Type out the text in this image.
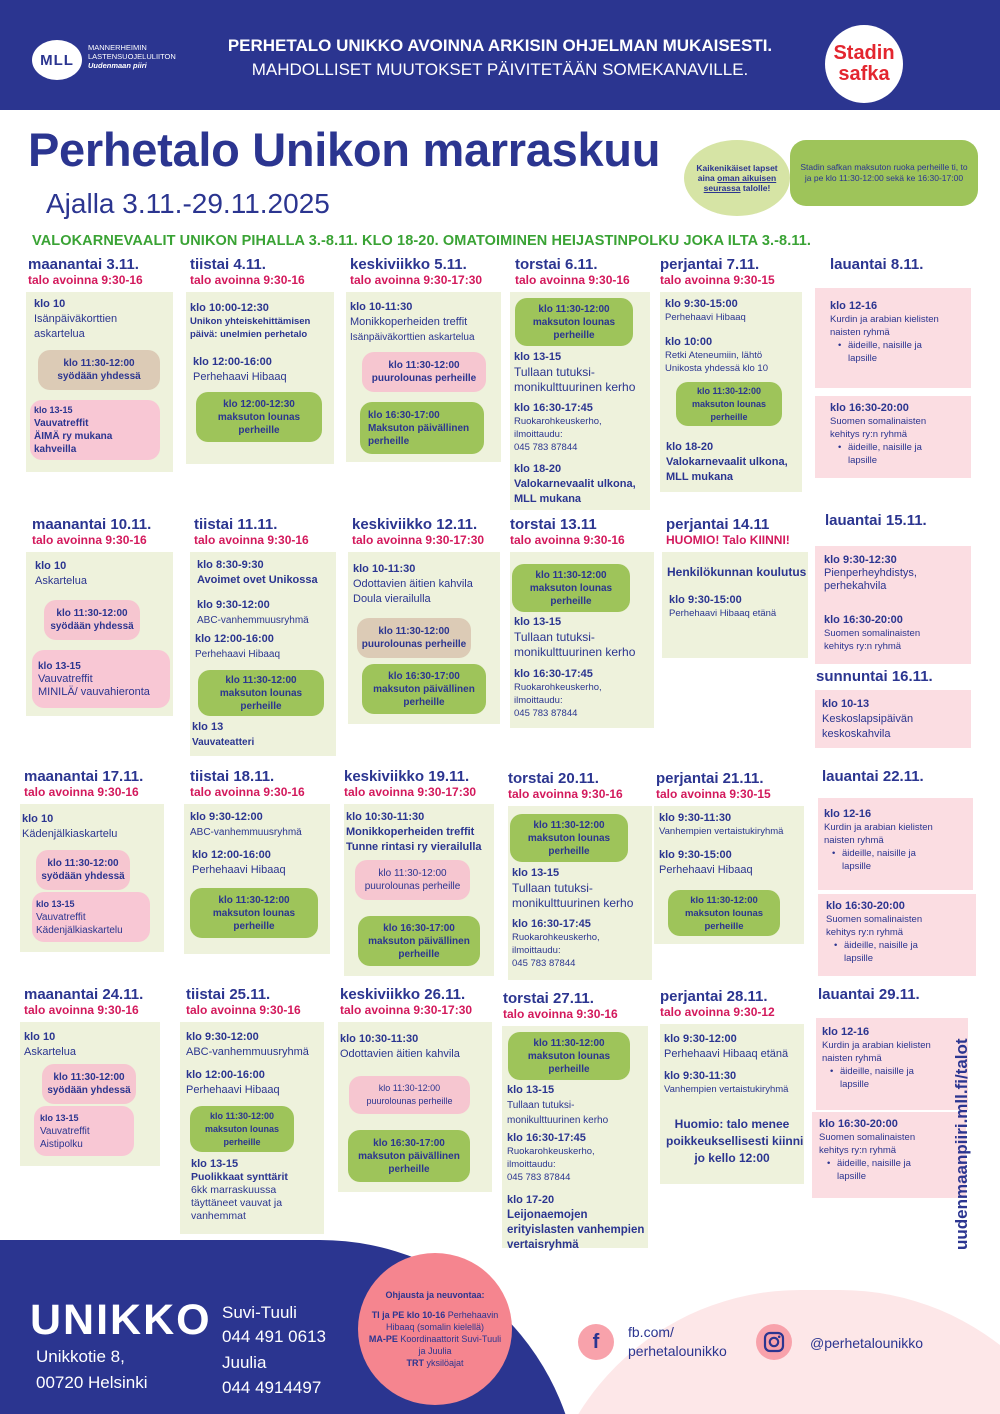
MLL
MANNERHEIMIN
LASTENSUOJELULIITON
Uudenmaan piiri
PERHETALO UNIKKO AVOINNA ARKISIN OHJELMAN MUKAISESTI.
MAHDOLLISET MUUTOKSET PÄIVITETÄÄN SOMEKANAVILLE.
Stadin
safka
Perhetalo Unikon marraskuu
Ajalla 3.11.-29.11.2025
Kaikenikäiset lapset aina oman aikuisen seurassa talolle!
Stadin safkan maksuton ruoka perheille ti, to ja pe klo 11:30-12:00 sekä ke 16:30-17:00
VALOKARNEVAALIT UNIKON PIHALLA 3.-8.11. KLO 18-20. OMATOIMINEN HEIJASTINPOLKU JOKA ILTA 3.-8.11.
maanantai 3.11.
talo avoinna 9:30-16
klo 10
Isänpäiväkorttien
askartelua
klo 11:30-12:00
syödään yhdessä
klo 13-15
Vauvatreffit
ÄIMÄ ry mukana
kahveilla
tiistai 4.11.
talo avoinna 9:30-16
klo 10:00-12:30
Unikon yhteiskehittämisen
päivä: unelmien perhetalo
klo 12:00-16:00
Perhehaavi Hibaaq
klo 12:00-12:30
maksuton lounas
perheille
keskiviikko 5.11.
talo avoinna 9:30-17:30
klo 10-11:30
Monikkoperheiden treffit
Isänpäiväkorttien askartelua
klo 11:30-12:00
puurolounas perheille
klo 16:30-17:00
Maksuton päivällinen
perheille
torstai 6.11.
talo avoinna 9:30-16
klo 11:30-12:00
maksuton lounas
perheille
klo 13-15
Tullaan tutuksi-
monikulttuurinen kerho
klo 16:30-17:45
Ruokarohkeuskerho,
ilmoittaudu:
045 783 87844
klo 18-20
Valokarnevaalit ulkona,
MLL mukana
perjantai 7.11.
talo avoinna 9:30-15
klo 9:30-15:00
Perhehaavi Hibaaq
klo 10:00
Retki Ateneumiin, lähtö
Unikosta yhdessä klo 10
klo 11:30-12:00
maksuton lounas
perheille
klo 18-20
Valokarnevaalit ulkona,
MLL mukana
lauantai 8.11.
klo 12-16
Kurdin ja arabian kielisten
naisten ryhmä
• äideille, naisille ja
lapsille
klo 16:30-20:00
Suomen somalinaisten
kehitys ry:n ryhmä
• äideille, naisille ja
lapsille
maanantai 10.11.
talo avoinna 9:30-16
klo 10
Askartelua
klo 11:30-12:00
syödään yhdessä
klo 13-15
Vauvatreffit
MINILÄ/ vauvahieronta
tiistai 11.11.
talo avoinna 9:30-16
klo 8:30-9:30
Avoimet ovet Unikossa
klo 9:30-12:00
ABC-vanhemmuusryhmä
klo 12:00-16:00
Perhehaavi Hibaaq
klo 11:30-12:00
maksuton lounas
perheille
klo 13
Vauvateatteri
keskiviikko 12.11.
talo avoinna 9:30-17:30
klo 10-11:30
Odottavien äitien kahvila
Doula vierailulla
klo 11:30-12:00
puurolounas perheille
klo 16:30-17:00
maksuton päivällinen
perheille
torstai 13.11
talo avoinna 9:30-16
klo 11:30-12:00
maksuton lounas
perheille
klo 13-15
Tullaan tutuksi-
monikulttuurinen kerho
klo 16:30-17:45
Ruokarohkeuskerho,
ilmoittaudu:
045 783 87844
perjantai 14.11
HUOMIO! Talo KIINNI!
Henkilökunnan koulutus
klo 9:30-15:00
Perhehaavi Hibaaq etänä
lauantai 15.11.
klo 9:30-12:30
Pienperheyhdistys,
perhekahvila
klo 16:30-20:00
Suomen somalinaisten
kehitys ry:n ryhmä
sunnuntai 16.11.
klo 10-13
Keskoslapsipäivän
keskoskahvila
maanantai 17.11.
talo avoinna 9:30-16
klo 10
Kädenjälkiaskartelu
klo 11:30-12:00
syödään yhdessä
klo 13-15
Vauvatreffit
Kädenjälkiaskartelu
tiistai 18.11.
talo avoinna 9:30-16
klo 9:30-12:00
ABC-vanhemmuusryhmä
klo 12:00-16:00
Perhehaavi Hibaaq
klo 11:30-12:00
maksuton lounas
perheille
keskiviikko 19.11.
talo avoinna 9:30-17:30
klo 10:30-11:30
Monikkoperheiden treffit
Tunne rintasi ry vierailulla
klo 11:30-12:00
puurolounas perheille
klo 16:30-17:00
maksuton päivällinen
perheille
torstai 20.11.
talo avoinna 9:30-16
klo 11:30-12:00
maksuton lounas
perheille
klo 13-15
Tullaan tutuksi-
monikulttuurinen kerho
klo 16:30-17:45
Ruokarohkeuskerho,
ilmoittaudu:
045 783 87844
perjantai 21.11.
talo avoinna 9:30-15
klo 9:30-11:30
Vanhempien vertaistukiryhmä
klo 9:30-15:00
Perhehaavi Hibaaq
klo 11:30-12:00
maksuton lounas
perheille
lauantai 22.11.
klo 12-16
Kurdin ja arabian kielisten
naisten ryhmä
• äideille, naisille ja
lapsille
klo 16:30-20:00
Suomen somalinaisten
kehitys ry:n ryhmä
• äideille, naisille ja
lapsille
maanantai 24.11.
talo avoinna 9:30-16
klo 10
Askartelua
klo 11:30-12:00
syödään yhdessä
klo 13-15
Vauvatreffit
Aistipolku
tiistai 25.11.
talo avoinna 9:30-16
klo 9:30-12:00
ABC-vanhemmuusryhmä
klo 12:00-16:00
Perhehaavi Hibaaq
klo 11:30-12:00
maksuton lounas
perheille
klo 13-15
Puolikkaat synttärit
6kk marraskuussa
täyttäneet vauvat ja
vanhemmat
keskiviikko 26.11.
talo avoinna 9:30-17:30
klo 10:30-11:30
Odottavien äitien kahvila
klo 11:30-12:00
puurolounas perheille
klo 16:30-17:00
maksuton päivällinen
perheille
torstai 27.11.
talo avoinna 9:30-16
klo 11:30-12:00
maksuton lounas
perheille
klo 13-15
Tullaan tutuksi-
monikulttuurinen kerho
klo 16:30-17:45
Ruokarohkeuskerho,
ilmoittaudu:
045 783 87844
klo 17-20
Leijonaemojen
erityislasten vanhempien
vertaisryhmä
perjantai 28.11.
talo avoinna 9:30-12
klo 9:30-12:00
Perhehaavi Hibaaq etänä
klo 9:30-11:30
Vanhempien vertaistukiryhmä
Huomio: talo menee
poikkeuksellisesti kiinni
jo kello 12:00
lauantai 29.11.
klo 12-16
Kurdin ja arabian kielisten
naisten ryhmä
• äideille, naisille ja
lapsille
klo 16:30-20:00
Suomen somalinaisten
kehitys ry:n ryhmä
• äideille, naisille ja
lapsille	uudenmaanpiiri.mll.fi/talot
UNIKKO
Unikkotie 8,
00720 Helsinki
Suvi-Tuuli
044 491 0613
Juulia
044 4914497
Ohjausta ja neuvontaa:
TI ja PE klo 10-16 Perhehaavin Hibaaq (somalin kielellä)
MA-PE Koordinaattorit Suvi-Tuuli ja Juulia
TRT yksilöajat
f	fb.com/
perhetalounikko	@perhetalounikko
